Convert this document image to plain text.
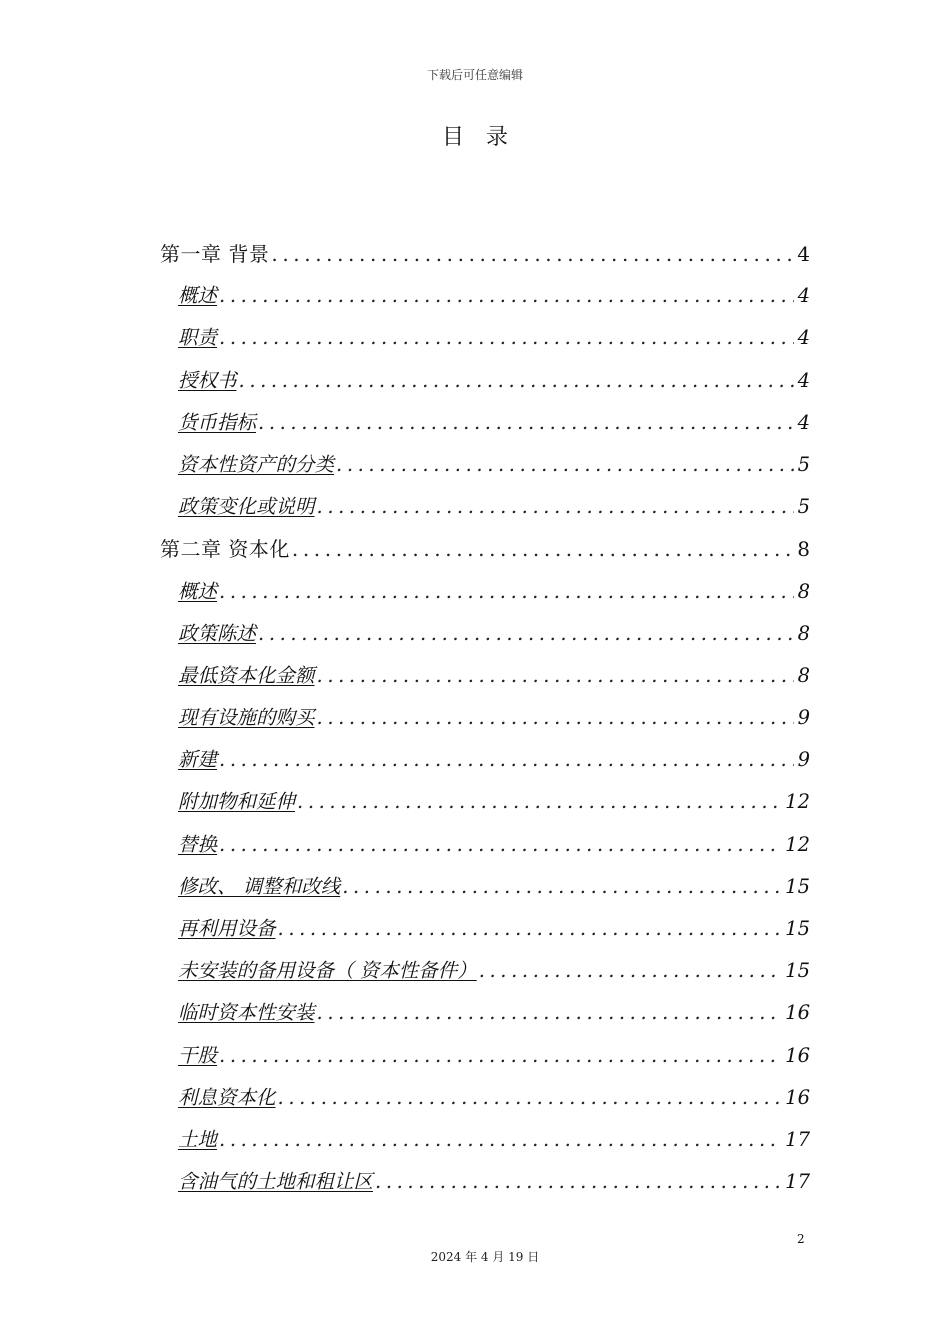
下载后可任意编辑
目录
第一章 背景 .....	4
概述 .....	4
职责 .....	4
授权书 .....	4
货币指标 .....	4
资本性资产的分类 .....	5
政策变化或说明 .....	5
第二章 资本化 .....	8
概述 .....	8
政策陈述 .....	8
最低资本化金额 .....	8
现有设施的购买 .....	9
新建 .....	9
附加物和延伸 .....	12
替换 .....	12
修改、 调整和改线 .....	15
再利用设备 .....	15
未安装的备用设备（ 资本性备件） .....	15
临时资本性安装 .....	16
干股 .....	16
利息资本化 .....	16
土地 .....	17
含油气的土地和租让区 .....	17
2
2024 年 4 月 19 日
